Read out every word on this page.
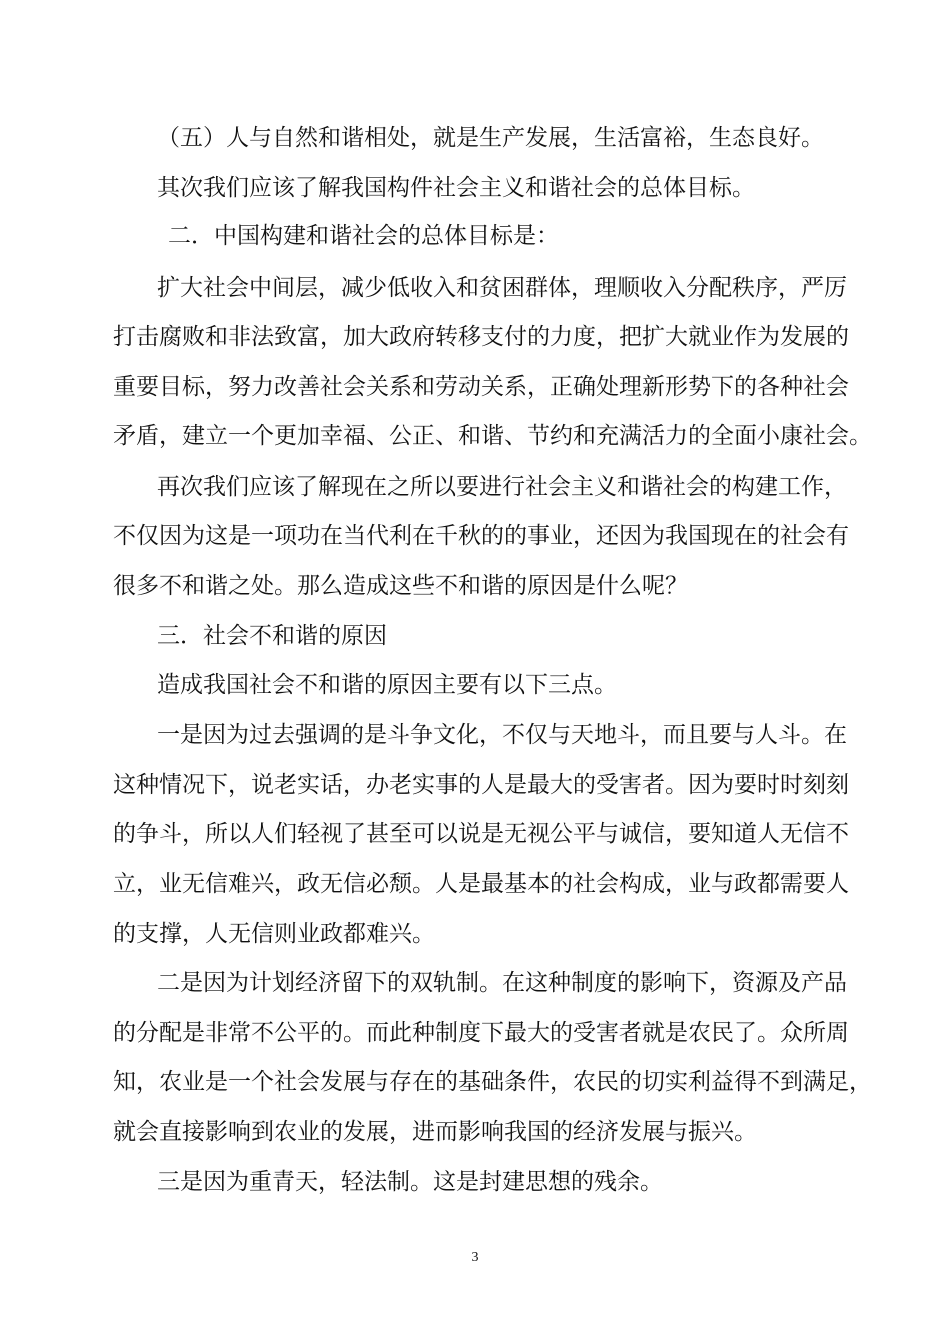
（五）人与自然和谐相处，就是生产发展，生活富裕，生态良好。
其次我们应该了解我国构件社会主义和谐社会的总体目标。
二．中国构建和谐社会的总体目标是：
扩大社会中间层，减少低收入和贫困群体，理顺收入分配秩序，严厉
打击腐败和非法致富，加大政府转移支付的力度，把扩大就业作为发展的
重要目标，努力改善社会关系和劳动关系，正确处理新形势下的各种社会
矛盾，建立一个更加幸福、公正、和谐、节约和充满活力的全面小康社会。
再次我们应该了解现在之所以要进行社会主义和谐社会的构建工作，
不仅因为这是一项功在当代利在千秋的的事业，还因为我国现在的社会有
很多不和谐之处。那么造成这些不和谐的原因是什么呢？
三．社会不和谐的原因
造成我国社会不和谐的原因主要有以下三点。
一是因为过去强调的是斗争文化，不仅与天地斗，而且要与人斗。在
这种情况下，说老实话，办老实事的人是最大的受害者。因为要时时刻刻
的争斗，所以人们轻视了甚至可以说是无视公平与诚信，要知道人无信不
立，业无信难兴，政无信必颓。人是最基本的社会构成，业与政都需要人
的支撑，人无信则业政都难兴。
二是因为计划经济留下的双轨制。在这种制度的影响下，资源及产品
的分配是非常不公平的。而此种制度下最大的受害者就是农民了。众所周
知，农业是一个社会发展与存在的基础条件，农民的切实利益得不到满足，
就会直接影响到农业的发展，进而影响我国的经济发展与振兴。
三是因为重青天，轻法制。这是封建思想的残余。
3
